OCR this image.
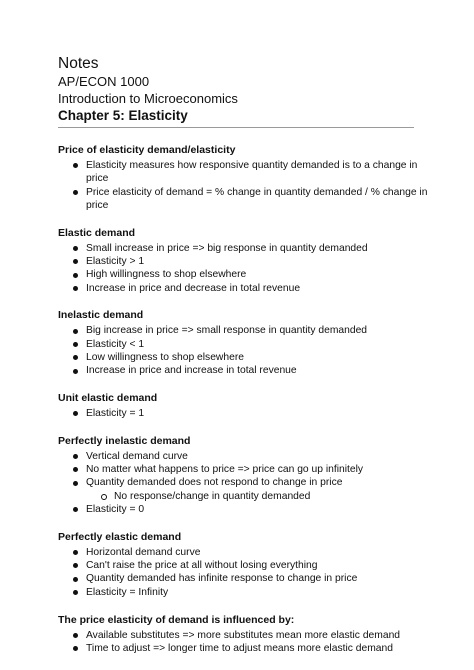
Notes
AP/ECON 1000
Introduction to Microeconomics
Chapter 5: Elasticity
Price of elasticity demand/elasticity
Elasticity measures how responsive quantity demanded is to a change in price
Price elasticity of demand = % change in quantity demanded / % change in price
Elastic demand
Small increase in price => big response in quantity demanded
Elasticity > 1
High willingness to shop elsewhere
Increase in price and decrease in total revenue
Inelastic demand
Big increase in price => small response in quantity demanded
Elasticity < 1
Low willingness to shop elsewhere
Increase in price and increase in total revenue
Unit elastic demand
Elasticity = 1
Perfectly inelastic demand
Vertical demand curve
No matter what happens to price => price can go up infinitely
Quantity demanded does not respond to change in price
No response/change in quantity demanded
Elasticity = 0
Perfectly elastic demand
Horizontal demand curve
Can't raise the price at all without losing everything
Quantity demanded has infinite response to change in price
Elasticity = Infinity
The price elasticity of demand is influenced by:
Available substitutes => more substitutes mean more elastic demand
Time to adjust => longer time to adjust means more elastic demand
